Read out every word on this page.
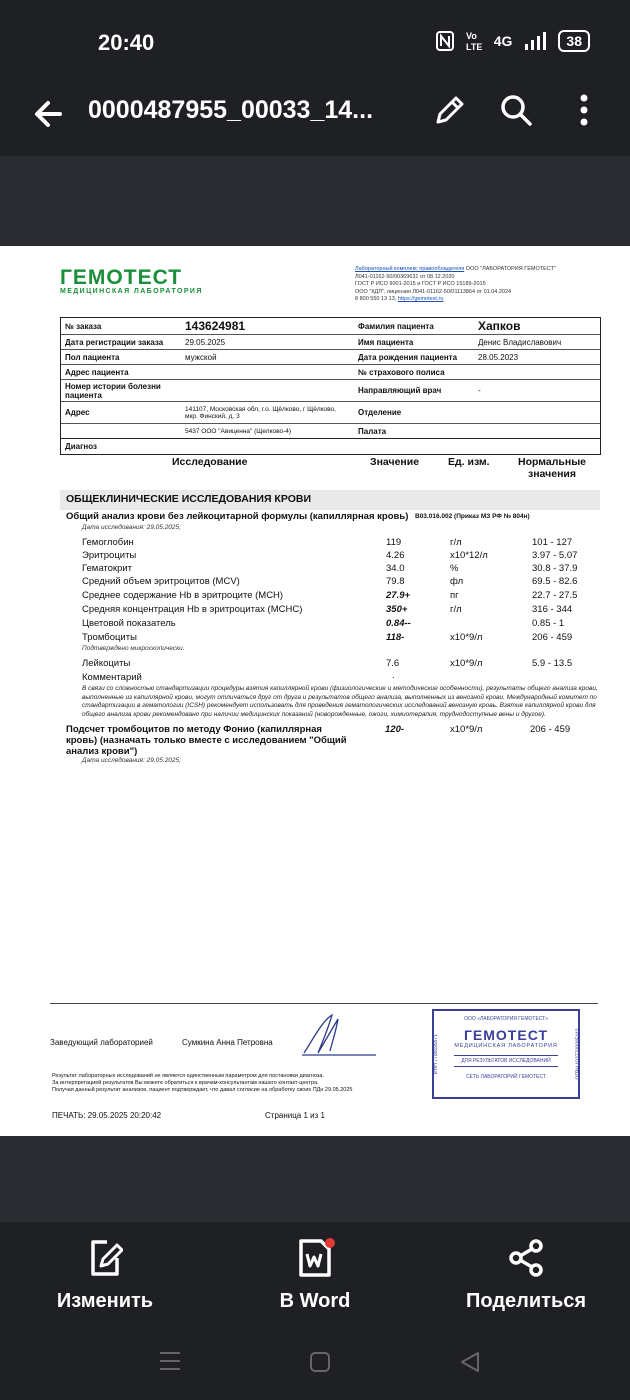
20:40	Vo
LTE 4G	38
0000487955_00033_14...
ГЕМОТЕСТ
МЕДИЦИНСКАЯ ЛАБОРАТОРИЯ
Лабораторный комплекс правообладателя ООО "ЛАБОРАТОРИЯ ГЕМОТЕСТ"
Л041-01162-50/00369631 от 08.12.2020
ГОСТ Р ИСО 9001-2015 и ГОСТ Р ИСО 15189-2015
ООО "КДЛ", лицензия Л041-01162-50/01113864 от 01.04.2024
8 800 550 13 13, https://gemotest.ru
№ заказа	143624981	Фамилия пациента	Хапков
Дата регистрации заказа	29.05.2025	Имя пациента	Денис Владиславович
Пол пациента	мужской	Дата рождения пациента	28.05.2023
Адрес пациента	№ страхового полиса
Номер истории болезни пациента	Направляющий врач	-
Адрес	141107, Московская обл, г.о. Щёлково, г Щёлково, мкр. Финский, д. 3	Отделение
5437 ООО "Авиценна" (Щелково-4)	Палата
Диагноз
Исследование	Значение	Ед. изм.	Нормальные
значения
ОБЩЕКЛИНИЧЕСКИЕ ИССЛЕДОВАНИЯ КРОВИ
Общий анализ крови без лейкоцитарной формулы (капиллярная кровь) B03.016.002 (Приказ МЗ РФ № 804н)
Дата исследования: 29.05.2025;
Гемоглобин	119	г/л	101 - 127
Эритроциты	4.26	х10*12/л	3.97 - 5.07
Гематокрит	34.0	%	30.8 - 37.9
Средний объем эритроцитов (MCV)	79.8	фл	69.5 - 82.6
Среднее содержание Hb в эритроците (MCH)	27.9+	пг	22.7 - 27.5
Средняя концентрация Hb в эритроцитах (MCHC)	350+	г/л	316 - 344
Цветовой показатель	0.84--	0.85 - 1
Тромбоциты	118-	х10*9/л	206 - 459
Подтверждено микроскопически.
Лейкоциты	7.6	х10*9/л	5.9 - 13.5
Комментарий	.
В связи со сложностью стандартизации процедуры взятия капиллярной крови (физиологические и методические особенности), результаты общего анализа крови, выполненные из капиллярной крови, могут отличаться друг от друга и результатов общего анализа, выполненных из венозной крови. Международный комитет по стандартизации в гематологии (ICSH) рекомендует использовать для проведения гематологических исследований венозную кровь. Взятие капиллярной крови для общего анализа крови рекомендовано при наличии медицинских показаний (новорожденные, ожоги, химиотерапия, труднодоступные вены и другое).
Подсчет тромбоцитов по методу Фонио (капиллярная
кровь) (назначать только вместе с исследованием "Общий
анализ крови")
120-	х10*9/л	206 - 459
Дата исследования: 29.05.2025;
Заведующий лабораторией	Сумкина Анна Петровна
ООО «ЛАБОРАТОРИЯ ГЕМОТЕСТ»
ГЕМОТЕСТ
МЕДИЦИНСКАЯ ЛАБОРАТОРИЯ
ДЛЯ РЕЗУЛЬТАТОВ ИССЛЕДОВАНИЙ
СЕТЬ ЛАБОРАТОРИЙ ГЕМОТЕСТ
ИНН 7706695571	ОГРН 1027709005442
Результат лабораторных исследований не является единственным параметром для постановки диагноза.
За интерпретацией результатов Вы можете обратиться к врачам-консультантам нашего контакт-центра.
Получая данный результат анализов, пациент подтверждает, что давал согласие на обработку своих ПДн 29.05.2025
ПЕЧАТЬ: 29.05.2025 20:20:42	Страница 1 из 1
Изменить	В Word	Поделиться
